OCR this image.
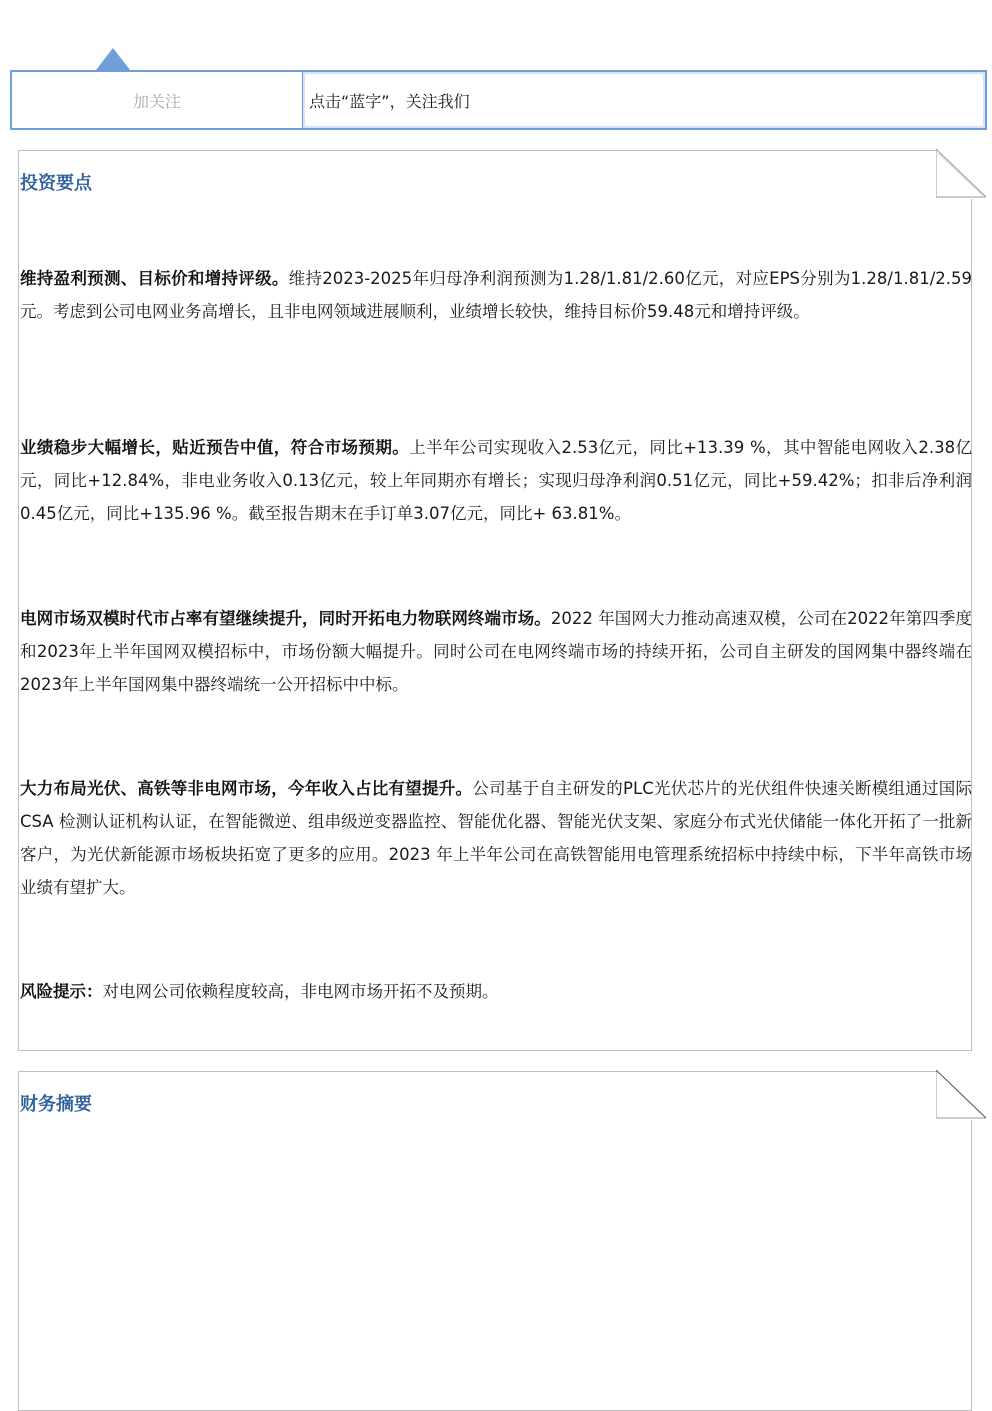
加关注	点击“蓝字”，关注我们
投资要点
维持盈利预测、目标价和增持评级。维持2023-2025年归母净利润预测为1.28/1.81/2.60亿元，对应EPS分别为1.28/1.81/2.59元。考虑到公司电网业务高增长，且非电网领域进展顺利，业绩增长较快，维持目标价59.48元和增持评级。
业绩稳步大幅增长，贴近预告中值，符合市场预期。上半年公司实现收入2.53亿元，同比+13.39 %，其中智能电网收入2.38亿元，同比+12.84%，非电业务收入0.13亿元，较上年同期亦有增长；实现归母净利润0.51亿元，同比+59.42%；扣非后净利润0.45亿元，同比+135.96 %。截至报告期末在手订单3.07亿元，同比+ 63.81%。
电网市场双模时代市占率有望继续提升，同时开拓电力物联网终端市场。2022 年国网大力推动高速双模，公司在2022年第四季度和2023年上半年国网双模招标中，市场份额大幅提升。同时公司在电网终端市场的持续开拓，公司自主研发的国网集中器终端在2023年上半年国网集中器终端统一公开招标中中标。
大力布局光伏、高铁等非电网市场，今年收入占比有望提升。公司基于自主研发的PLC光伏芯片的光伏组件快速关断模组通过国际 CSA 检测认证机构认证，在智能微逆、组串级逆变器监控、智能优化器、智能光伏支架、家庭分布式光伏储能一体化开拓了一批新客户，为光伏新能源市场板块拓宽了更多的应用。2023 年上半年公司在高铁智能用电管理系统招标中持续中标，下半年高铁市场业绩有望扩大。
风险提示：对电网公司依赖程度较高，非电网市场开拓不及预期。
财务摘要
